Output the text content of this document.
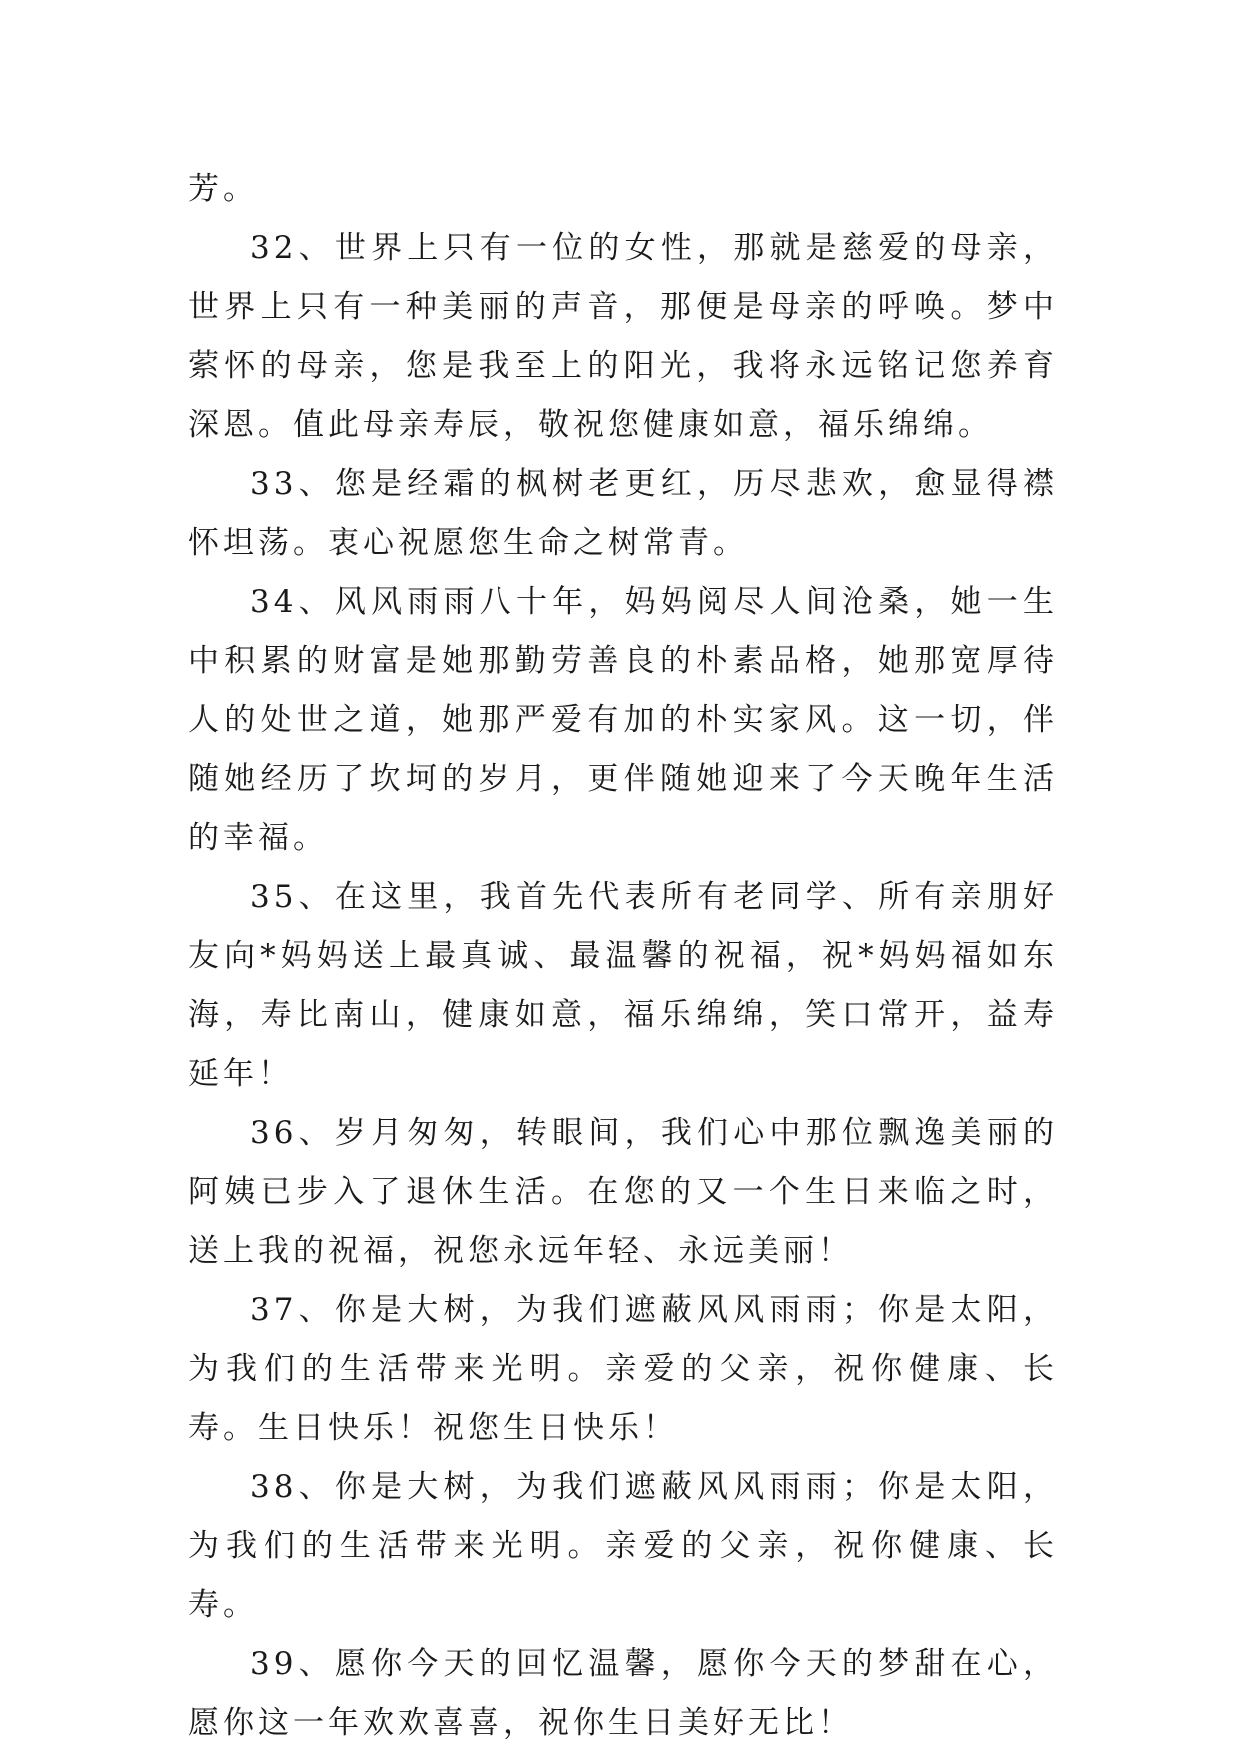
芳。

32、世界上只有一位的女性，那就是慈爱的母亲，世界上只有一种美丽的声音，那便是母亲的呼唤。梦中萦怀的母亲，您是我至上的阳光，我将永远铭记您养育深恩。值此母亲寿辰，敬祝您健康如意，福乐绵绵。

33、您是经霜的枫树老更红，历尽悲欢，愈显得襟怀坦荡。衷心祝愿您生命之树常青。

34、风风雨雨八十年，妈妈阅尽人间沧桑，她一生中积累的财富是她那勤劳善良的朴素品格，她那宽厚待人的处世之道，她那严爱有加的朴实家风。这一切，伴随她经历了坎坷的岁月，更伴随她迎来了今天晚年生活的幸福。

35、在这里，我首先代表所有老同学、所有亲朋好友向*妈妈送上最真诚、最温馨的祝福，祝*妈妈福如东海，寿比南山，健康如意，福乐绵绵，笑口常开，益寿延年！

36、岁月匆匆，转眼间，我们心中那位飘逸美丽的阿姨已步入了退休生活。在您的又一个生日来临之时，送上我的祝福，祝您永远年轻、永远美丽！

37、你是大树，为我们遮蔽风风雨雨；你是太阳，为我们的生活带来光明。亲爱的父亲，祝你健康、长寿。生日快乐！祝您生日快乐！

38、你是大树，为我们遮蔽风风雨雨；你是太阳，为我们的生活带来光明。亲爱的父亲，祝你健康、长寿。

39、愿你今天的回忆温馨，愿你今天的梦甜在心，愿你这一年欢欢喜喜，祝你生日美好无比！
